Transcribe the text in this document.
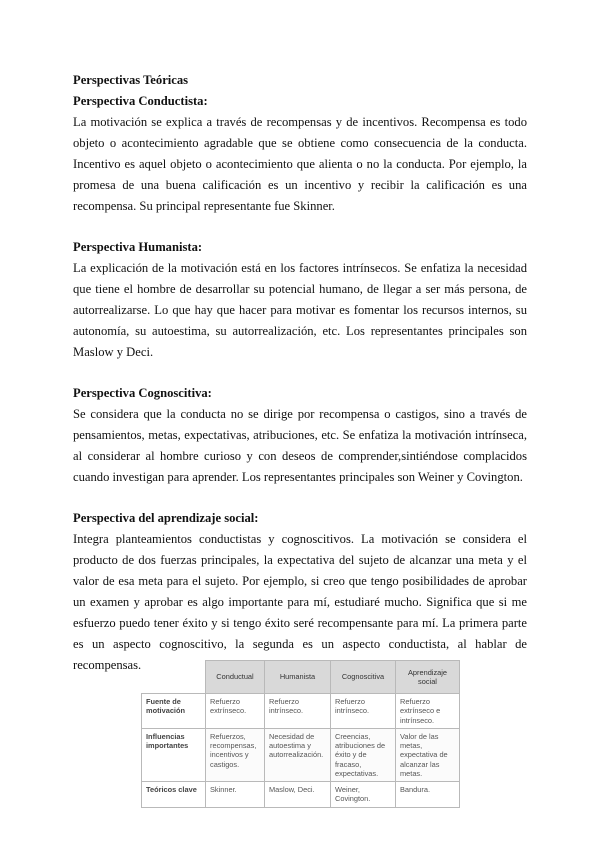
Perspectivas Teóricas

Perspectiva Conductista:

La motivación se explica a través de recompensas y de incentivos. Recompensa es todo objeto o acontecimiento agradable que se obtiene como consecuencia de la conducta. Incentivo es aquel objeto o acontecimiento que alienta o no la conducta. Por ejemplo, la promesa de una buena calificación es un incentivo y recibir la calificación es una recompensa. Su principal representante fue Skinner.

Perspectiva Humanista:

La explicación de la motivación está en los factores intrínsecos. Se enfatiza la necesidad que tiene el hombre de desarrollar su potencial humano, de llegar a ser más persona, de autorrealizarse. Lo que hay que hacer para motivar es fomentar los recursos internos, su autonomía, su autoestima, su autorrealización, etc. Los representantes principales son Maslow y Deci.

Perspectiva Cognoscitiva:

Se considera que la conducta no se dirige por recompensa o castigos, sino a través de pensamientos, metas, expectativas, atribuciones, etc. Se enfatiza la motivación intrínseca, al considerar al hombre curioso y con deseos de comprender,sintiéndose complacidos cuando investigan para aprender. Los representantes principales son Weiner y Covington.

Perspectiva del aprendizaje social:

Integra planteamientos conductistas y cognoscitivos. La motivación se considera el producto de dos fuerzas principales, la expectativa del sujeto de alcanzar una meta y el valor de esa meta para el sujeto. Por ejemplo, si creo que tengo posibilidades de aprobar un examen y aprobar es algo importante para mí, estudiaré mucho. Significa que si me esfuerzo puedo tener éxito y si tengo éxito seré recompensante para mí. La primera parte es un aspecto cognoscitivo, la segunda es un aspecto conductista, al hablar de recompensas.

	Conductual	Humanista	Cognoscitiva	Aprendizaje social
Fuente de motivación	Refuerzo extrínseco.	Refuerzo intrínseco.	Refuerzo intrínseco.	Refuerzo extrínseco e intrínseco.
Influencias importantes	Refuerzos, recompensas, incentivos y castigos.	Necesidad de autoestima y autorrealización.	Creencias, atribuciones de éxito y de fracaso, expectativas.	Valor de las metas, expectativa de alcanzar las metas.
Teóricos clave	Skinner.	Maslow, Deci.	Weiner, Covington.	Bandura.
